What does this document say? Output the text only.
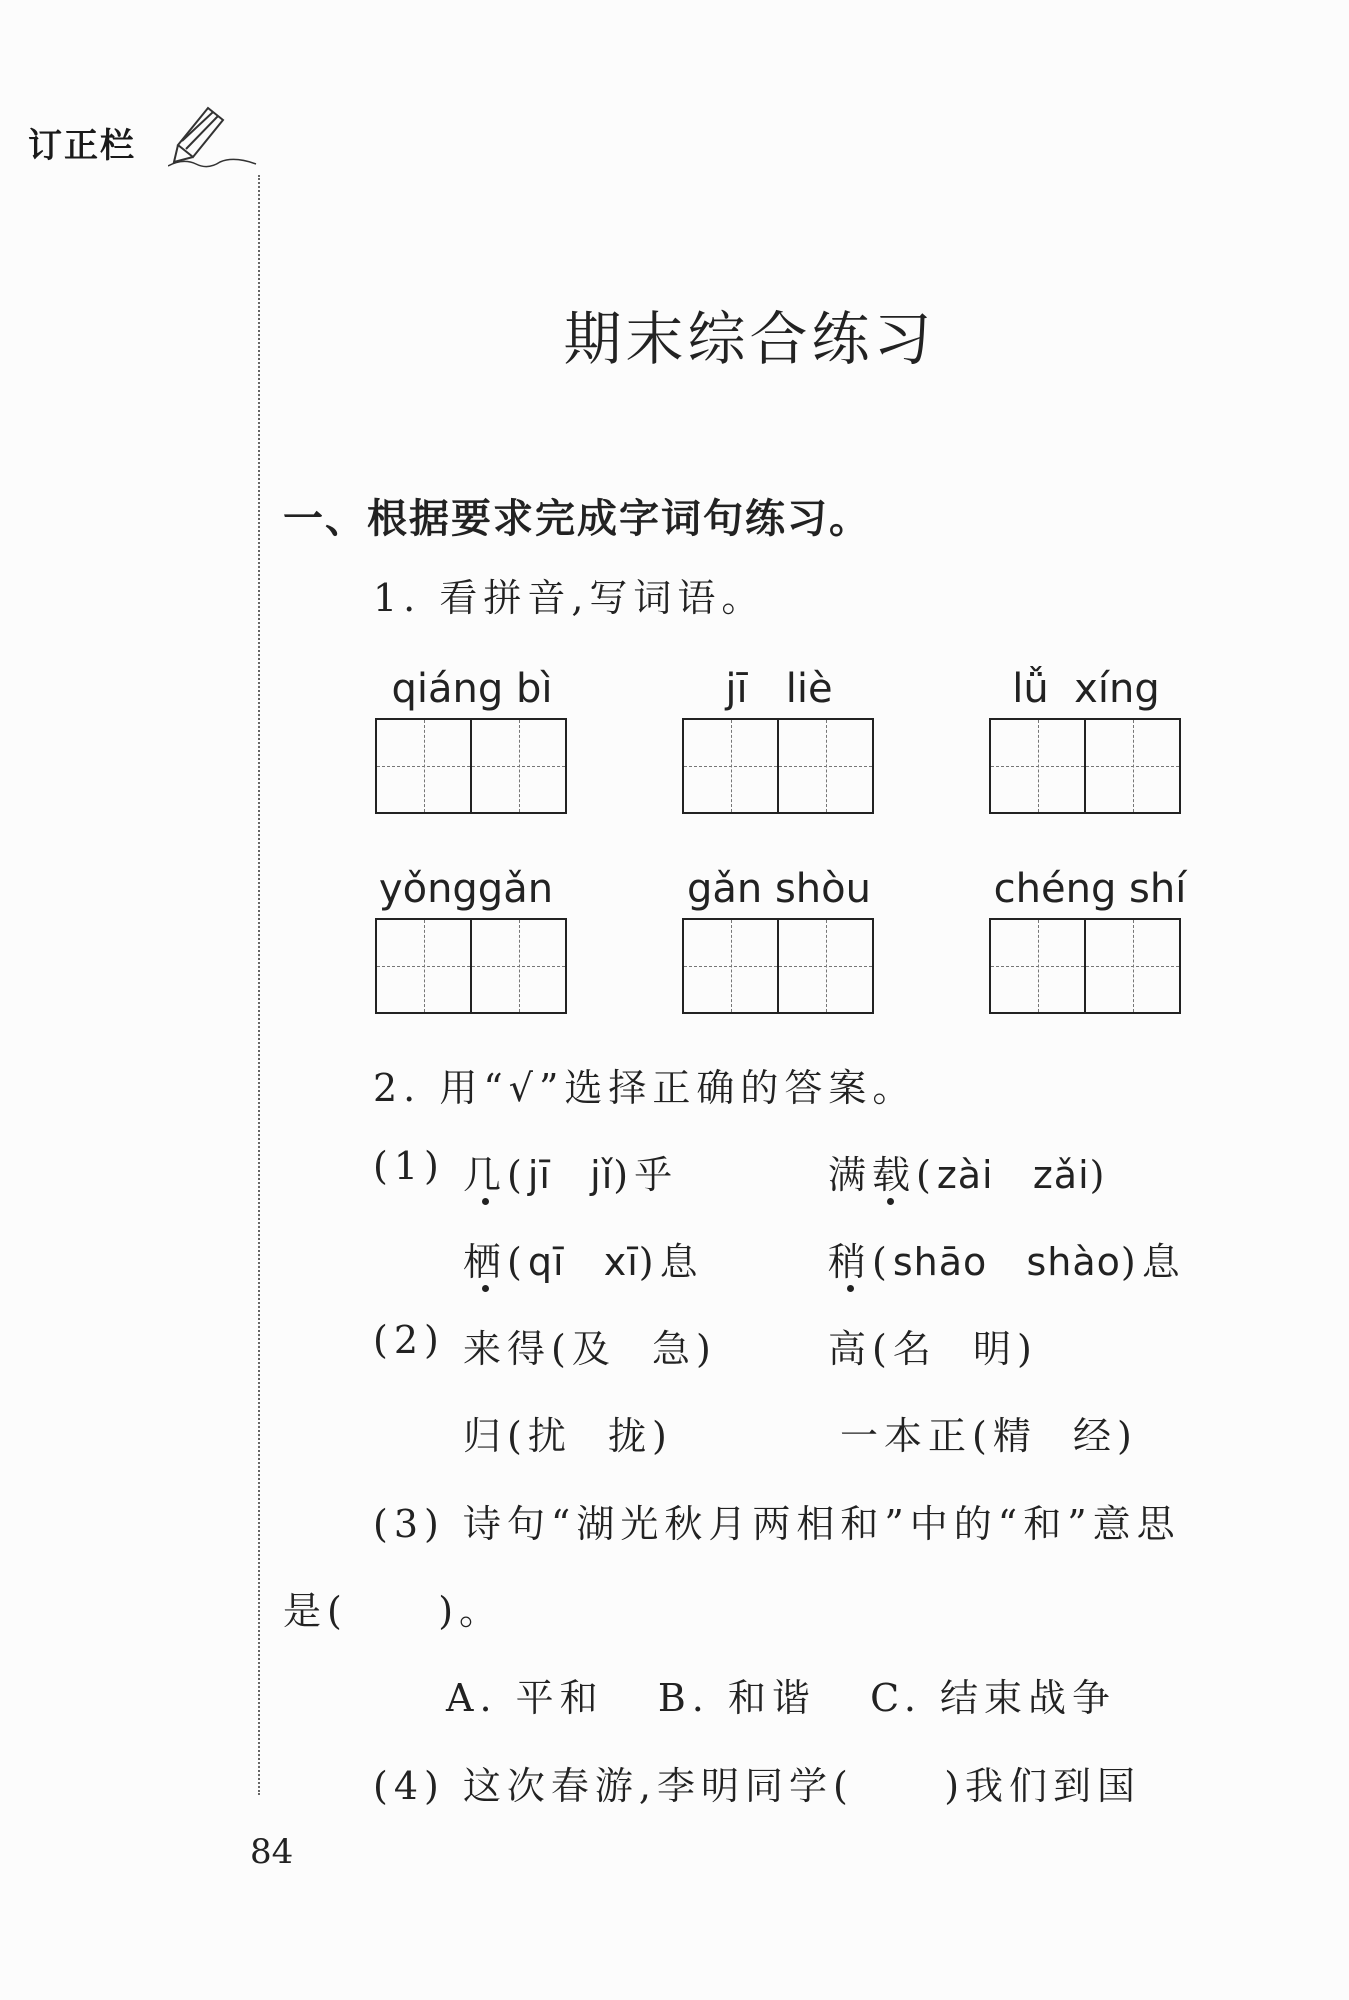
订正栏
期末综合练习
一、根据要求完成字词句练习。
1. 看拼音,写词语。
qiáng bì	jī   liè	lǚ  xíng
yǒnggǎn	gǎn shòu	chéng shí
2. 用“√”选择正确的答案。
(1) 几(jī   jǐ)乎	满载(zài   zǎi)
栖(qī   xī)息	稍(shāo   shào)息
(2) 来得(及  急)	高(名  明)
归(扰  拢)	一本正(精  经)
(3) 诗句“湖光秋月两相和”中的“和”意思
是(     )。
A. 平和   B. 和谐   C. 结束战争
(4) 这次春游,李明同学(     )我们到国
84
